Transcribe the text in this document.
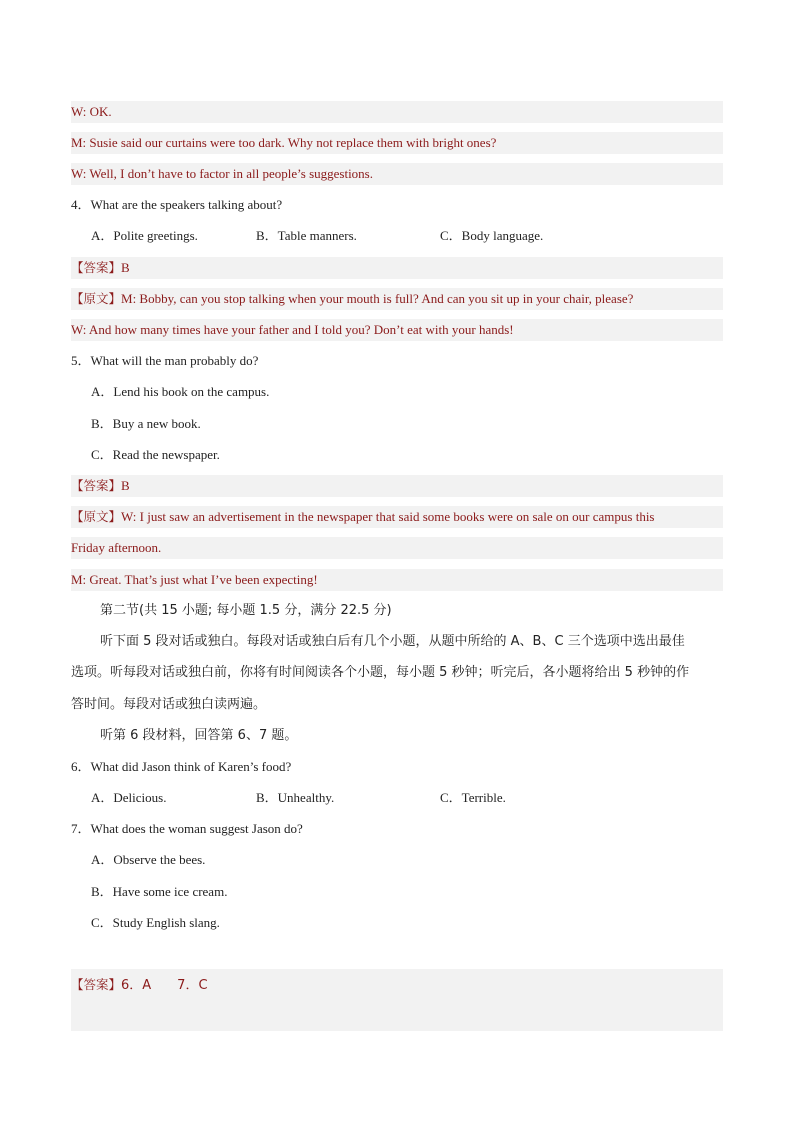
W: OK.
M: Susie said our curtains were too dark. Why not replace them with bright ones?
W: Well, I don’t have to factor in all people’s suggestions.
4．What are the speakers talking about?
A．Polite greetings.	B．Table manners.	C．Body language.
【答案】B
【原文】M: Bobby, can you stop talking when your mouth is full? And can you sit up in your chair, please?
W: And how many times have your father and I told you? Don’t eat with your hands!
5．What will the man probably do?
A．Lend his book on the campus.
B．Buy a new book.
C．Read the newspaper.
【答案】B
【原文】W: I just saw an advertisement in the newspaper that said some books were on sale on our campus this
Friday afternoon.
M: Great. That’s just what I’ve been expecting!
第二节(共 15 小题; 每小题 1.5 分，满分 22.5 分)
听下面 5 段对话或独白。每段对话或独白后有几个小题，从题中所给的 A、B、C 三个选项中选出最佳
选项。听每段对话或独白前，你将有时间阅读各个小题，每小题 5 秒钟；听完后，各小题将给出 5 秒钟的作
答时间。每段对话或独白读两遍。
听第 6 段材料，回答第 6、7 题。
6．What did Jason think of Karen’s food?
A．Delicious.	B．Unhealthy.	C．Terrible.
7．What does the woman suggest Jason do?
A．Observe the bees.
B．Have some ice cream.
C．Study English slang.
【答案】6．A　　7．C
